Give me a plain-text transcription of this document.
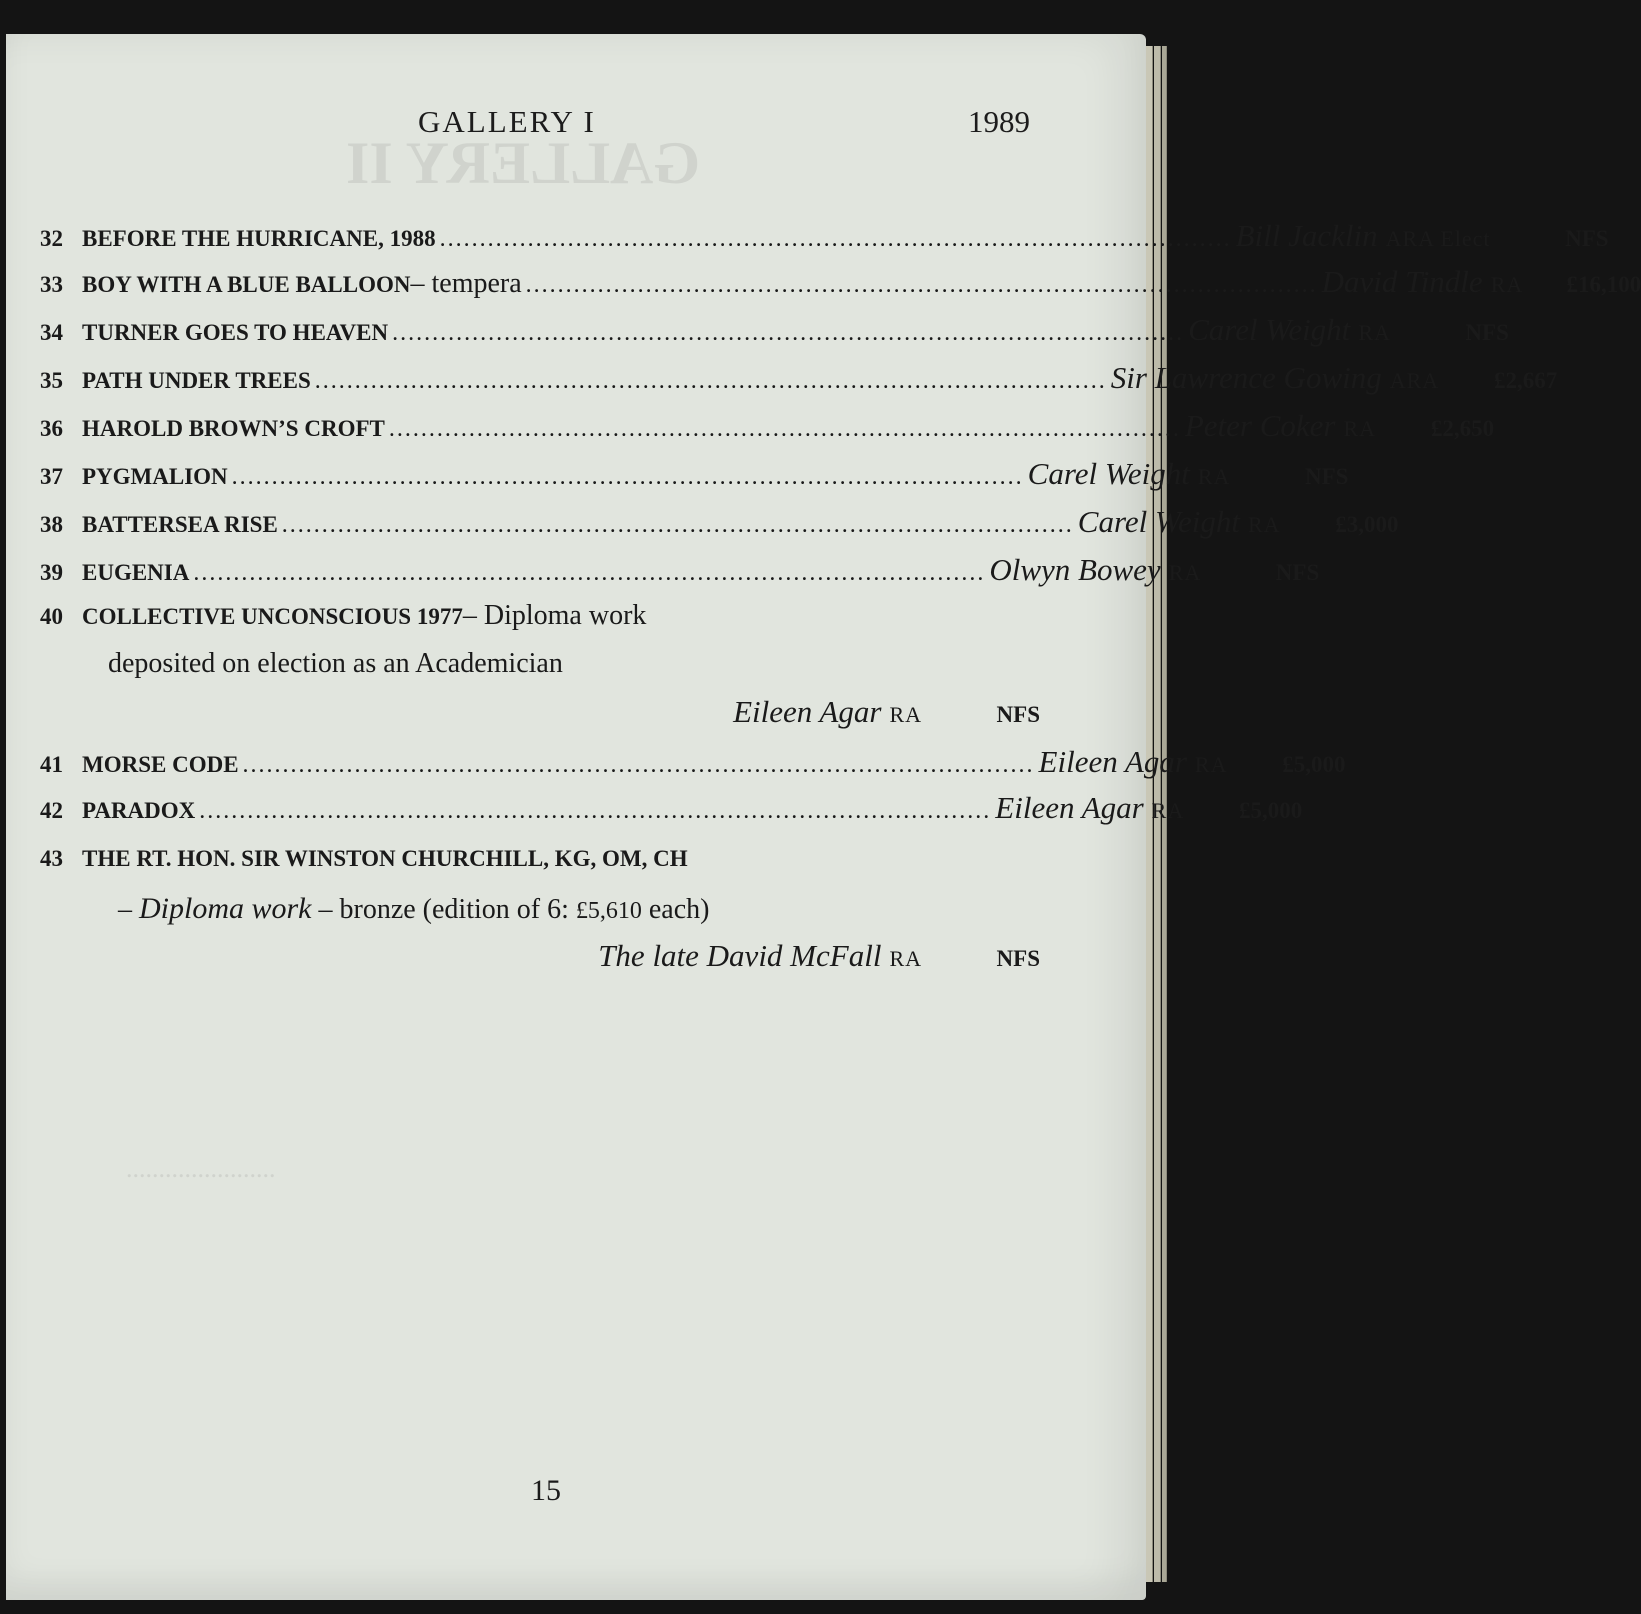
GALLERY II
.......................
GALLERY I	1989
32 BEFORE THE HURRICANE, 1988 ................................................................................................... Bill Jacklin ARA Elect	NFS
33 BOY WITH A BLUE BALLOON – tempera ................................................................................................... David Tindle RA	£16,100
34 TURNER GOES TO HEAVEN ................................................................................................... Carel Weight RA	NFS
35 PATH UNDER TREES ................................................................................................... Sir Lawrence Gowing ARA	£2,667
36 HAROLD BROWN’S CROFT ................................................................................................... Peter Coker RA	£2,650
37 PYGMALION ................................................................................................... Carel Weight RA	NFS
38 BATTERSEA RISE ................................................................................................... Carel Weight RA	£3,000
39 EUGENIA ................................................................................................... Olwyn Bowey RA	NFS
40 COLLECTIVE UNCONSCIOUS 1977 – Diploma work
deposited on election as an Academician
Eileen Agar RA	NFS
41 MORSE CODE ................................................................................................... Eileen Agar RA	£5,000
42 PARADOX ................................................................................................... Eileen Agar RA	£5,000
43 THE RT. HON. SIR WINSTON CHURCHILL, KG, OM, CH
– Diploma work – bronze (edition of 6: £5,610 each)
The late David McFall RA	NFS
15
